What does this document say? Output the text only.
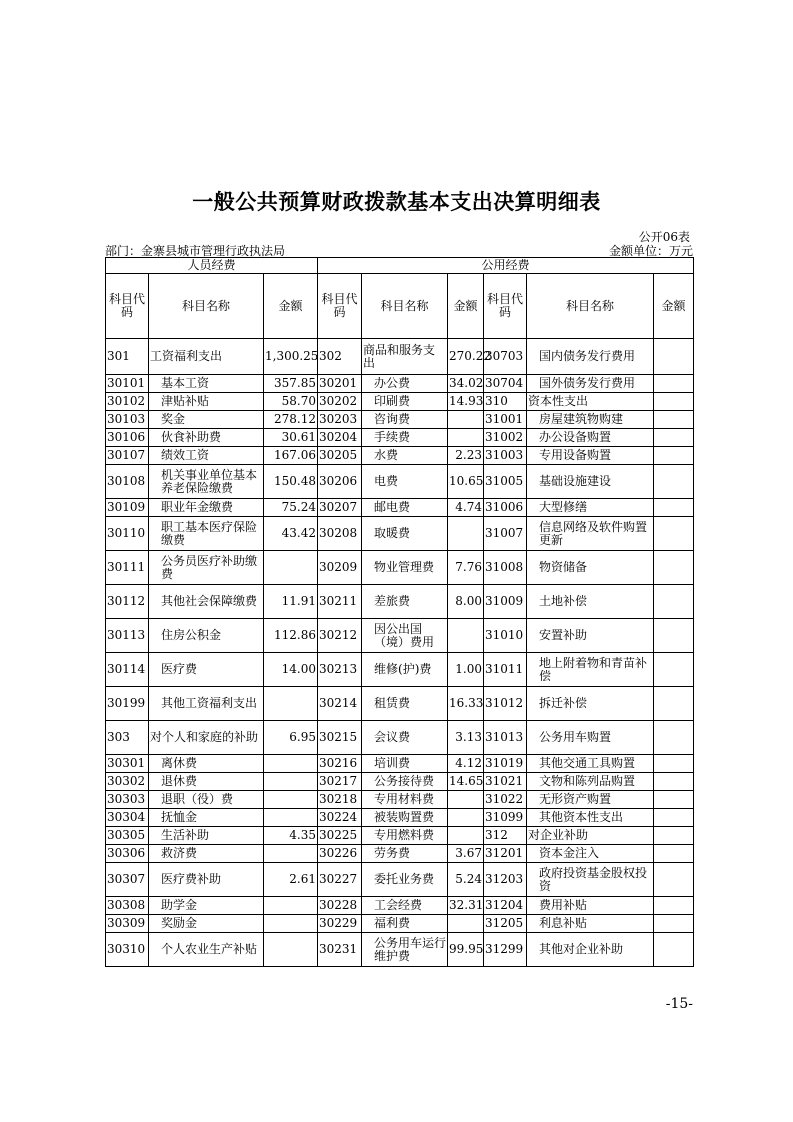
一般公共预算财政拨款基本支出决算明细表
公开06表
部门：金寨县城市管理行政执法局	金额单位：万元
人员经费			公用经费					
科目代码	科目名称	金额	科目代码	科目名称	金额	科目代码	科目名称	金额
301	工资福利支出	1,300.25	302	商品和服务支出	270.22	30703	国内债务发行费用	
30101	基本工资	357.85	30201	办公费	34.02	30704	国外债务发行费用	
30102	津贴补贴	58.70	30202	印刷费	14.93	310	资本性支出	
30103	奖金	278.12	30203	咨询费		31001	房屋建筑物购建	
30106	伙食补助费	30.61	30204	手续费		31002	办公设备购置	
30107	绩效工资	167.06	30205	水费	2.23	31003	专用设备购置	
30108	机关事业单位基本养老保险缴费	150.48	30206	电费	10.65	31005	基础设施建设	
30109	职业年金缴费	75.24	30207	邮电费	4.74	31006	大型修缮	
30110	职工基本医疗保险缴费	43.42	30208	取暖费		31007	信息网络及软件购置更新	
30111	公务员医疗补助缴费		30209	物业管理费	7.76	31008	物资储备	
30112	其他社会保障缴费	11.91	30211	差旅费	8.00	31009	土地补偿	
30113	住房公积金	112.86	30212	因公出国（境）费用		31010	安置补助	
30114	医疗费	14.00	30213	维修(护)费	1.00	31011	地上附着物和青苗补偿	
30199	其他工资福利支出		30214	租赁费	16.33	31012	拆迁补偿	
303	对个人和家庭的补助	6.95	30215	会议费	3.13	31013	公务用车购置	
30301	离休费		30216	培训费	4.12	31019	其他交通工具购置	
30302	退休费		30217	公务接待费	14.65	31021	文物和陈列品购置	
30303	退职（役）费		30218	专用材料费		31022	无形资产购置	
30304	抚恤金		30224	被装购置费		31099	其他资本性支出	
30305	生活补助	4.35	30225	专用燃料费		312	对企业补助	
30306	救济费		30226	劳务费	3.67	31201	资本金注入	
30307	医疗费补助	2.61	30227	委托业务费	5.24	31203	政府投资基金股权投资	
30308	助学金		30228	工会经费	32.31	31204	费用补贴	
30309	奖励金		30229	福利费		31205	利息补贴	
30310	个人农业生产补贴		30231	公务用车运行维护费	99.95	31299	其他对企业补助	
-15-
